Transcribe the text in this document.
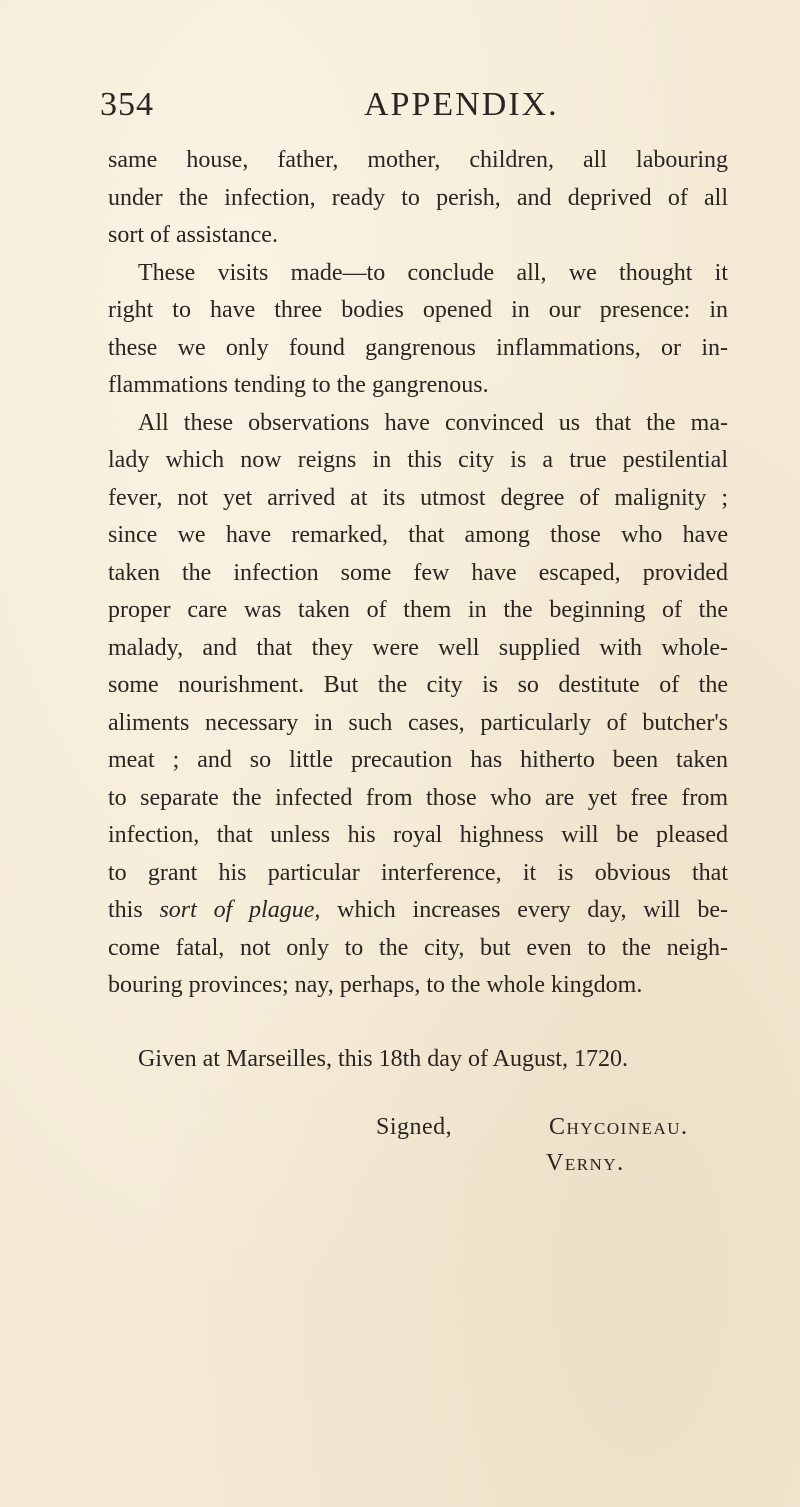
354	APPENDIX.
same house, father, mother, children, all labouring
under the infection, ready to perish, and deprived of all
sort of assistance.
These visits made—to conclude all, we thought it
right to have three bodies opened in our presence: in
these we only found gangrenous inflammations, or in-
flammations tending to the gangrenous.
All these observations have convinced us that the ma-
lady which now reigns in this city is a true pestilential
fever, not yet arrived at its utmost degree of malignity ;
since we have remarked, that among those who have
taken the infection some few have escaped, provided
proper care was taken of them in the beginning of the
malady, and that they were well supplied with whole-
some nourishment. But the city is so destitute of the
aliments necessary in such cases, particularly of butcher's
meat ; and so little precaution has hitherto been taken
to separate the infected from those who are yet free from
infection, that unless his royal highness will be pleased
to grant his particular interference, it is obvious that
this sort of plague, which increases every day, will be-
come fatal, not only to the city, but even to the neigh-
bouring provinces; nay, perhaps, to the whole kingdom.
Given at Marseilles, this 18th day of August, 1720.
Signed,	Chycoineau.
Verny.
